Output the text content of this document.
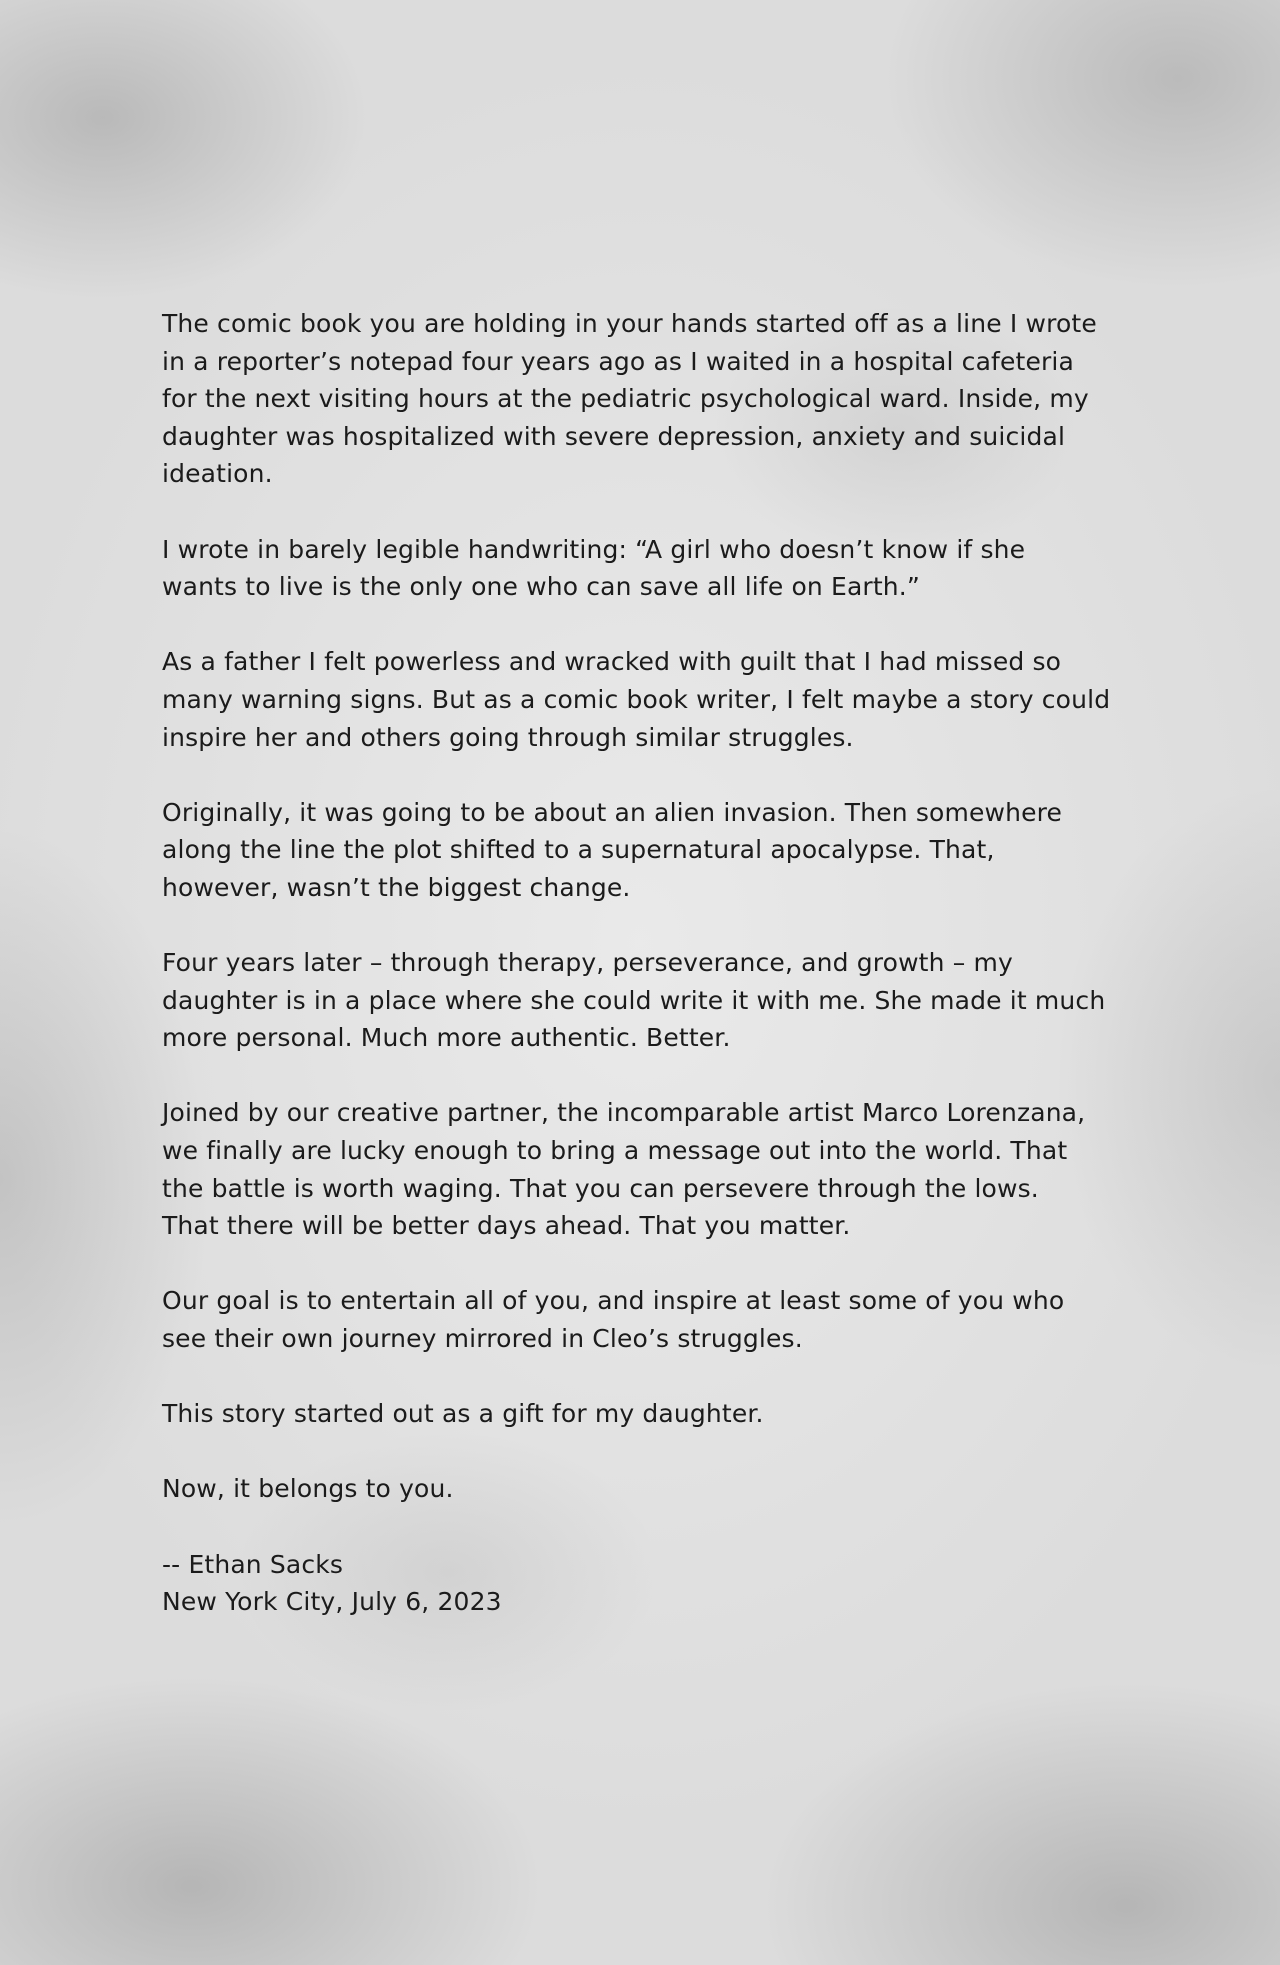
The comic book you are holding in your hands started off as a line I wrote
in a reporter’s notepad four years ago as I waited in a hospital cafeteria
for the next visiting hours at the pediatric psychological ward. Inside, my
daughter was hospitalized with severe depression, anxiety and suicidal
ideation.

I wrote in barely legible handwriting: “A girl who doesn’t know if she
wants to live is the only one who can save all life on Earth.”

As a father I felt powerless and wracked with guilt that I had missed so
many warning signs. But as a comic book writer, I felt maybe a story could
inspire her and others going through similar struggles.

Originally, it was going to be about an alien invasion. Then somewhere
along the line the plot shifted to a supernatural apocalypse. That,
however, wasn’t the biggest change.

Four years later – through therapy, perseverance, and growth – my
daughter is in a place where she could write it with me. She made it much
more personal. Much more authentic. Better.

Joined by our creative partner, the incomparable artist Marco Lorenzana,
we finally are lucky enough to bring a message out into the world. That
the battle is worth waging. That you can persevere through the lows.
That there will be better days ahead. That you matter.

Our goal is to entertain all of you, and inspire at least some of you who
see their own journey mirrored in Cleo’s struggles.

This story started out as a gift for my daughter.

Now, it belongs to you.

-- Ethan Sacks
New York City, July 6, 2023
